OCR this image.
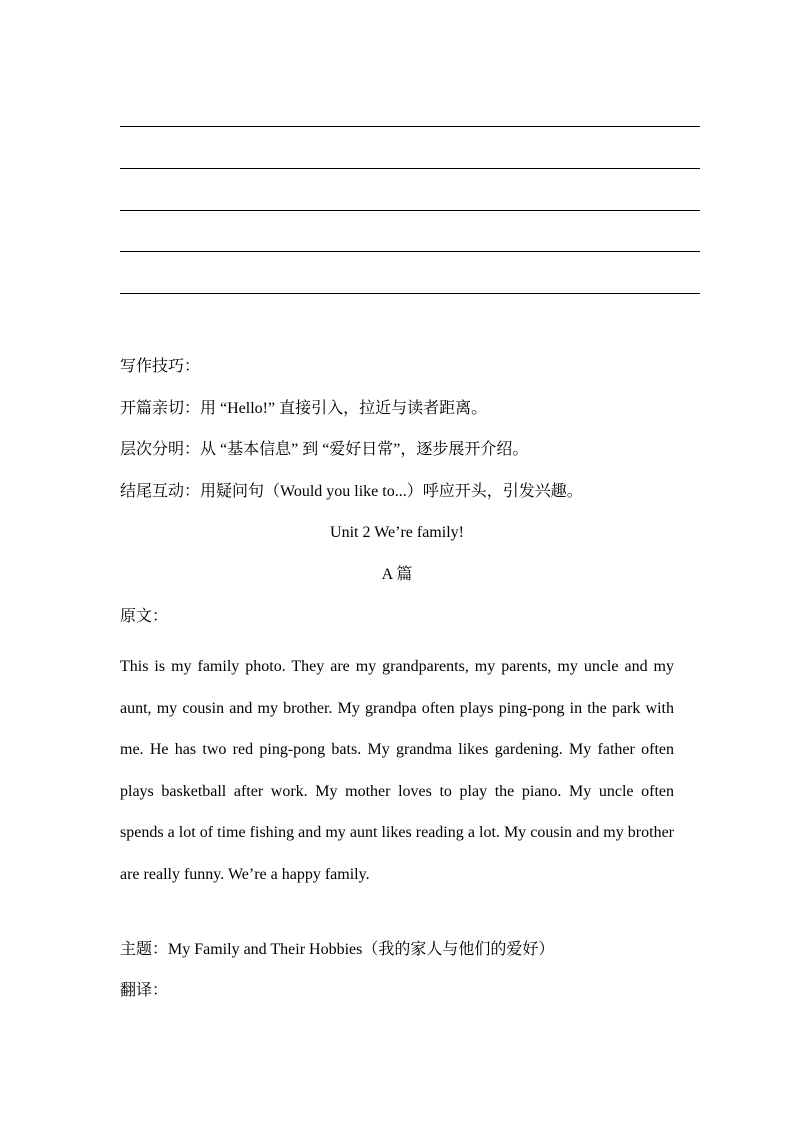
写作技巧：
开篇亲切：用 “Hello!” 直接引入，拉近与读者距离。
层次分明：从 “基本信息” 到 “爱好日常”，逐步展开介绍。
结尾互动：用疑问句（Would you like to...）呼应开头，引发兴趣。
Unit 2 We’re family!
A 篇
原文：
This is my family photo. They are my grandparents, my parents, my uncle and my aunt, my cousin and my brother. My grandpa often plays ping-pong in the park with me. He has two red ping-pong bats. My grandma likes gardening. My father often plays basketball after work. My mother loves to play the piano. My uncle often spends a lot of time fishing and my aunt likes reading a lot. My cousin and my brother are really funny. We’re a happy family.
主题：My Family and Their Hobbies（我的家人与他们的爱好）
翻译：
